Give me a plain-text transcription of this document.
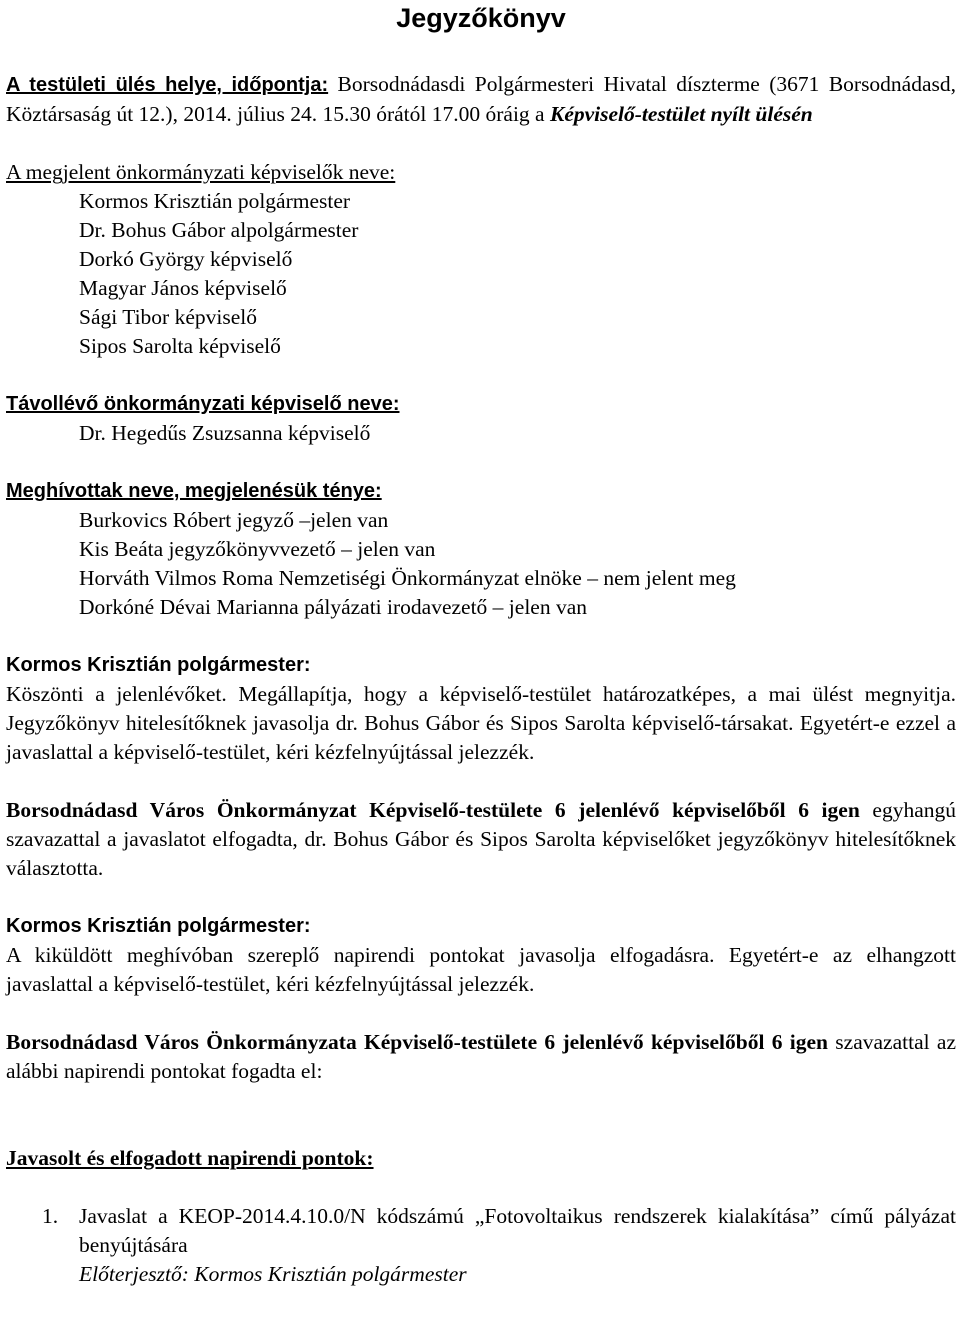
Jegyzőkönyv

A testületi ülés helye, időpontja: Borsodnádasdi Polgármesteri Hivatal díszterme (3671 Borsodnádasd, Köztársaság út 12.), 2014. július 24. 15.30 órától 17.00 óráig a Képviselő-testület nyílt ülésén

A megjelent önkormányzati képviselők neve:

Kormos Krisztián polgármester
Dr. Bohus Gábor alpolgármester
Dorkó György képviselő
Magyar János képviselő
Sági Tibor képviselő
Sipos Sarolta képviselő

Távollévő önkormányzati képviselő neve:

Dr. Hegedűs Zsuzsanna képviselő

Meghívottak neve, megjelenésük ténye:

Burkovics Róbert jegyző –jelen van
Kis Beáta jegyzőkönyvvezető – jelen van
Horváth Vilmos Roma Nemzetiségi Önkormányzat elnöke – nem jelent meg
Dorkóné Dévai Marianna pályázati irodavezető – jelen van

Kormos Krisztián polgármester:

Köszönti a jelenlévőket. Megállapítja, hogy a képviselő-testület határozatképes, a mai ülést megnyitja. Jegyzőkönyv hitelesítőknek javasolja dr. Bohus Gábor és Sipos Sarolta képviselő-társakat. Egyetért-e ezzel a javaslattal a képviselő-testület, kéri kézfelnyújtással jelezzék.

Borsodnádasd Város Önkormányzat Képviselő-testülete 6 jelenlévő képviselőből 6 igen egyhangú szavazattal a javaslatot elfogadta, dr. Bohus Gábor és Sipos Sarolta képviselőket jegyzőkönyv hitelesítőknek választotta.

Kormos Krisztián polgármester:

A kiküldött meghívóban szereplő napirendi pontokat javasolja elfogadásra. Egyetért-e az elhangzott javaslattal a képviselő-testület, kéri kézfelnyújtással jelezzék.

Borsodnádasd Város Önkormányzata Képviselő-testülete 6 jelenlévő képviselőből 6 igen szavazattal az alábbi napirendi pontokat fogadta el:

Javasolt és elfogadott napirendi pontok:

1. Javaslat a KEOP-2014.4.10.0/N kódszámú „Fotovoltaikus rendszerek kialakítása” című pályázat benyújtására
Előterjesztő: Kormos Krisztián polgármester
